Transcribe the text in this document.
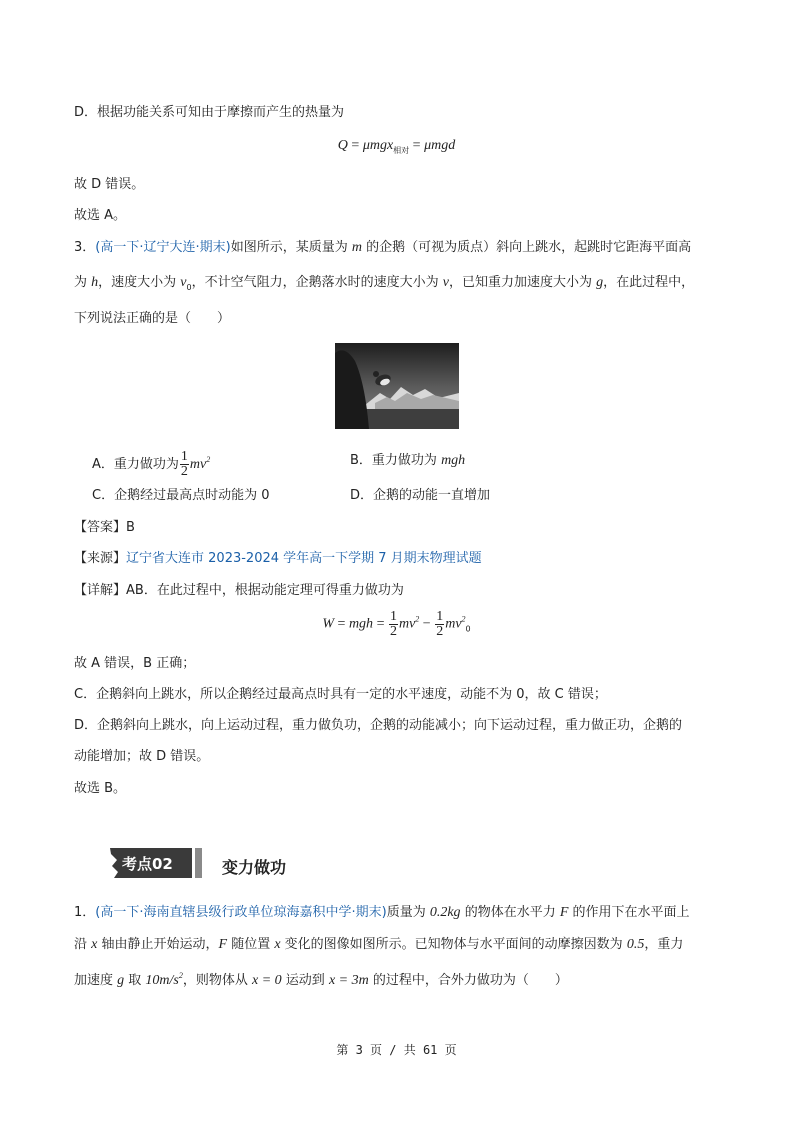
D．根据功能关系可知由于摩擦而产生的热量为
Q = μmgx$_{相对}$ = μmgd
故 D 错误。
故选 A。
3．(高一下·辽宁大连·期末)如图所示，某质量为 m 的企鹅（可视为质点）斜向上跳水，起跳时它距海平面高
为 h，速度大小为 $v_0$，不计空气阻力，企鹅落水时的速度大小为 v，已知重力加速度大小为 g，在此过程中，
下列说法正确的是（　　）
A．重力做功为 $\frac{1}{2} mv^2$	B．重力做功为 mgh
C．企鹅经过最高点时动能为 0	D．企鹅的动能一直增加
【答案】B
【来源】辽宁省大连市 2023-2024 学年高一下学期 7 月期末物理试题
【详解】AB．在此过程中，根据动能定理可得重力做功为
W = mgh = $\frac{1}{2} mv^2 - \frac{1}{2} mv^2_0$
故 A 错误，B 正确；
C．企鹅斜向上跳水，所以企鹅经过最高点时具有一定的水平速度，动能不为 0，故 C 错误；
D．企鹅斜向上跳水，向上运动过程，重力做负功，企鹅的动能减小；向下运动过程，重力做正功，企鹅的
动能增加；故 D 错误。
故选 B。
考点02	变力做功
1．(高一下·海南直辖县级行政单位琼海嘉积中学·期末)质量为 0.2kg 的物体在水平力 F 的作用下在水平面上
沿 x 轴由静止开始运动，F 随位置 x 变化的图像如图所示。已知物体与水平面间的动摩擦因数为 0.5，重力
加速度 g 取 $10m/s^2$，则物体从 x = 0 运动到 x = 3m 的过程中，合外力做功为（　　）
第 3 页 / 共 61 页
